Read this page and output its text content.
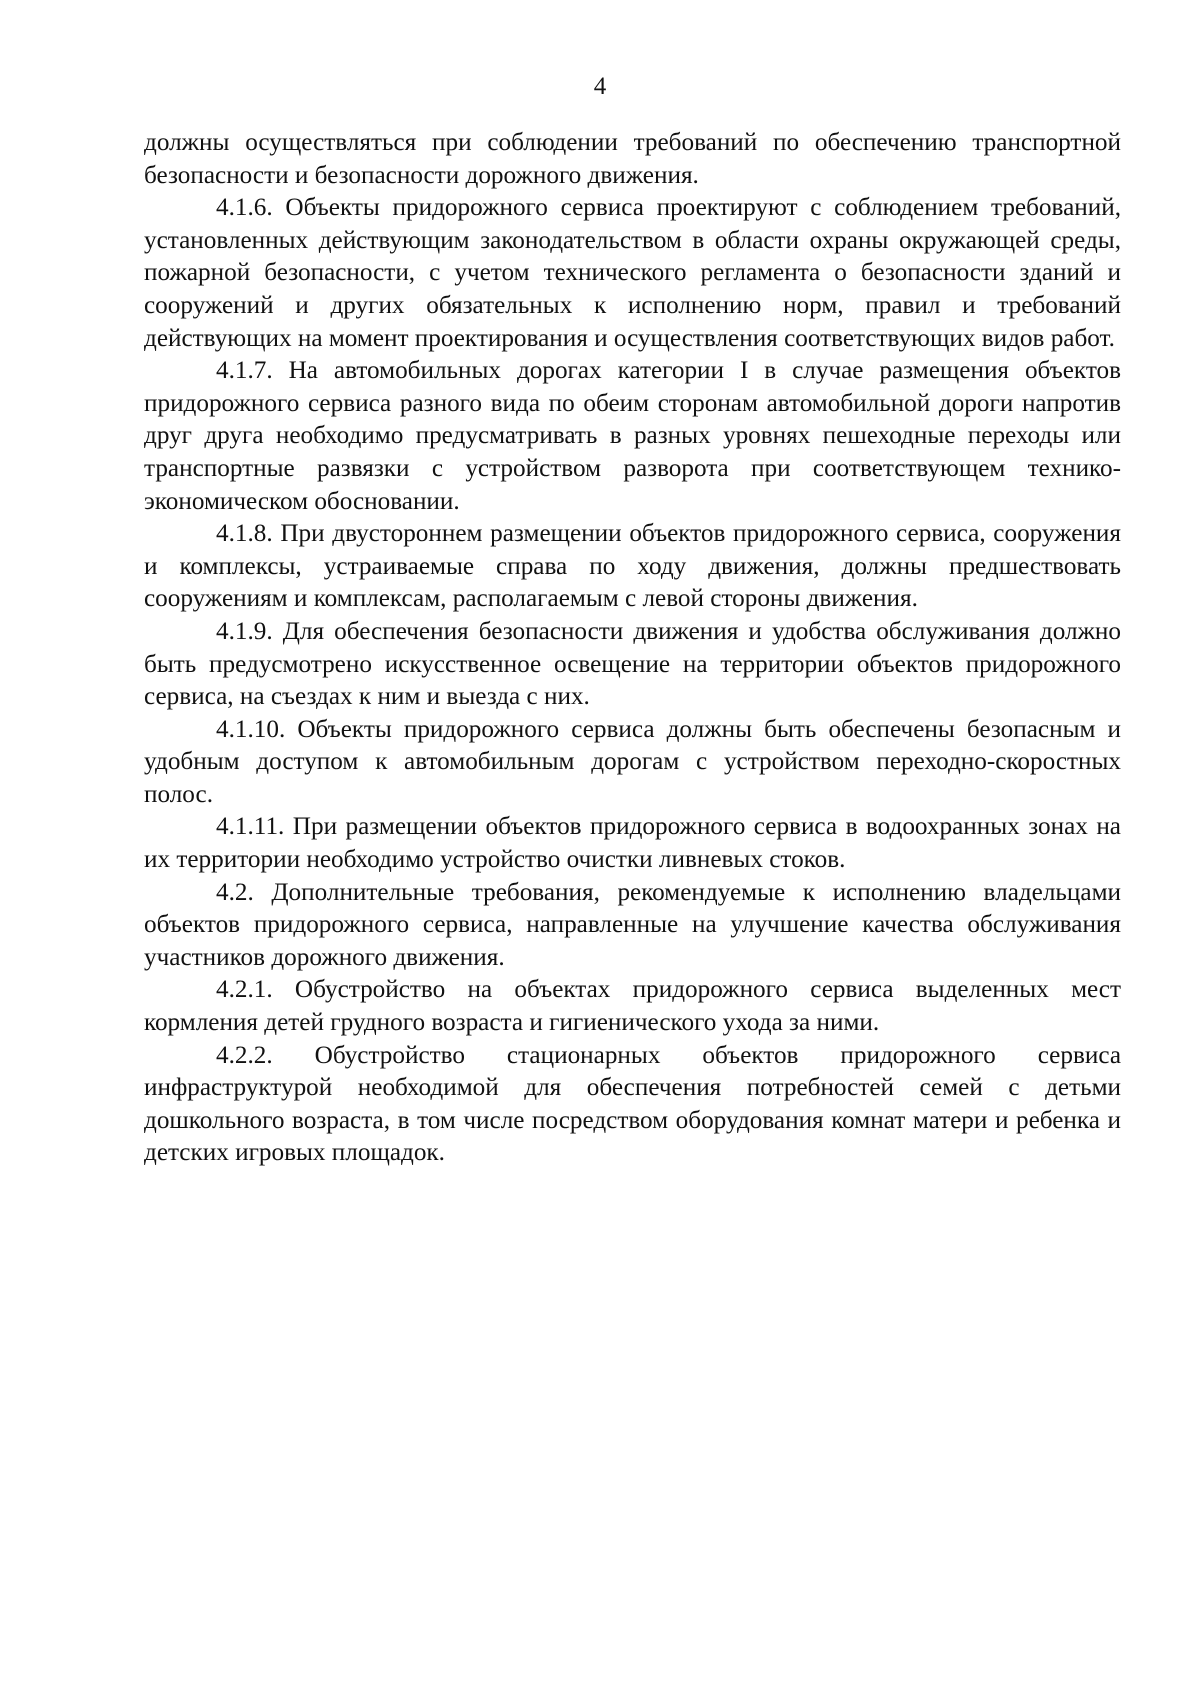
4

должны осуществляться при соблюдении требований по обеспечению транспортной безопасности и безопасности дорожного движения.

4.1.6. Объекты придорожного сервиса проектируют с соблюдением требований, установленных действующим законодательством в области охраны окружающей среды, пожарной безопасности, с учетом технического регламента о безопасности зданий и сооружений и других обязательных к исполнению норм, правил и требований действующих на момент проектирования и осуществления соответствующих видов работ.

4.1.7. На автомобильных дорогах категории I в случае размещения объектов придорожного сервиса разного вида по обеим сторонам автомобильной дороги напротив друг друга необходимо предусматривать в разных уровнях пешеходные переходы или транспортные развязки с устройством разворота при соответствующем технико-экономическом обосновании.

4.1.8. При двустороннем размещении объектов придорожного сервиса, сооружения и комплексы, устраиваемые справа по ходу движения, должны предшествовать сооружениям и комплексам, располагаемым с левой стороны движения.

4.1.9. Для обеспечения безопасности движения и удобства обслуживания должно быть предусмотрено искусственное освещение на территории объектов придорожного сервиса, на съездах к ним и выезда с них.

4.1.10. Объекты придорожного сервиса должны быть обеспечены безопасным и удобным доступом к автомобильным дорогам с устройством переходно-скоростных полос.

4.1.11. При размещении объектов придорожного сервиса в водоохранных зонах на их территории необходимо устройство очистки ливневых стоков.

4.2. Дополнительные требования, рекомендуемые к исполнению владельцами объектов придорожного сервиса, направленные на улучшение качества обслуживания участников дорожного движения.

4.2.1. Обустройство на объектах придорожного сервиса выделенных мест кормления детей грудного возраста и гигиенического ухода за ними.

4.2.2. Обустройство стационарных объектов придорожного сервиса инфраструктурой необходимой для обеспечения потребностей семей с детьми дошкольного возраста, в том числе посредством оборудования комнат матери и ребенка и детских игровых площадок.
